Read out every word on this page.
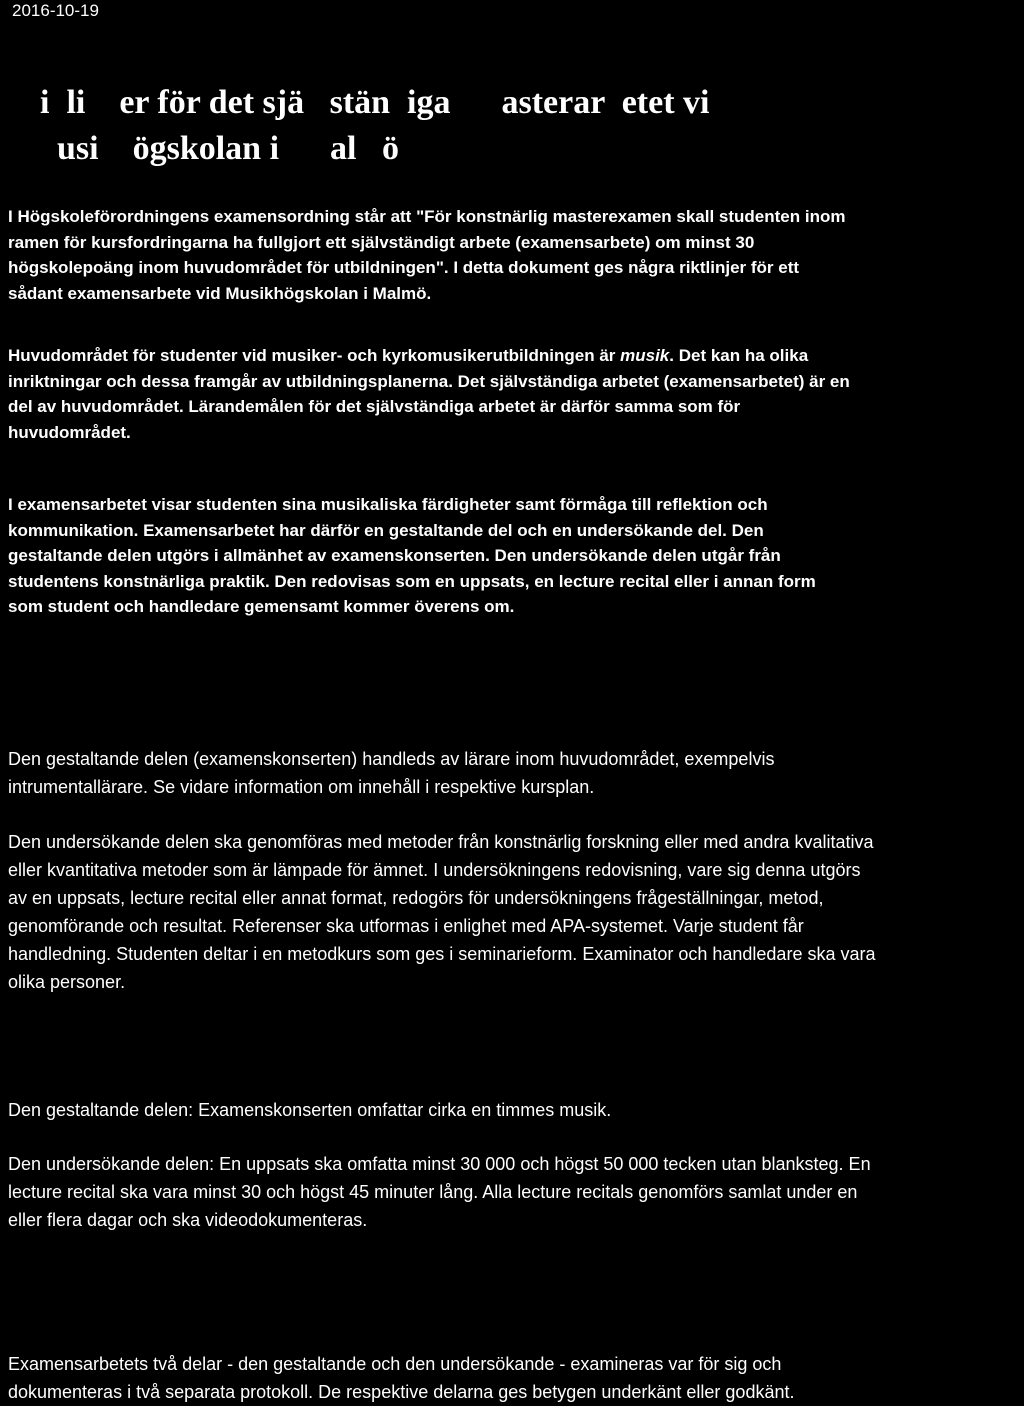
2016-10-19
i  li    er för det sjä   stän  iga      asterar  etet vi
usi    ögskolan i      al   ö

I Högskoleförordningens examensordning står att "För konstnärlig masterexamen skall studenten inom
ramen för kursfordringarna ha fullgjort ett självständigt arbete (examensarbete) om minst 30
högskolepoäng inom huvudområdet för utbildningen". I detta dokument ges några riktlinjer för ett
sådant examensarbete vid Musikhögskolan i Malmö.

Huvudområdet för studenter vid musiker- och kyrkomusikerutbildningen är musik. Det kan ha olika
inriktningar och dessa framgår av utbildningsplanerna. Det självständiga arbetet (examensarbetet) är en
del av huvudområdet. Lärandemålen för det självständiga arbetet är därför samma som för
huvudområdet.

I examensarbetet visar studenten sina musikaliska färdigheter samt förmåga till reflektion och
kommunikation. Examensarbetet har därför en gestaltande del och en undersökande del. Den
gestaltande delen utgörs i allmänhet av examenskonserten. Den undersökande delen utgår från
studentens konstnärliga praktik. Den redovisas som en uppsats, en lecture recital eller i annan form
som student och handledare gemensamt kommer överens om.

Den gestaltande delen (examenskonserten) handleds av lärare inom huvudområdet, exempelvis
intrumentallärare. Se vidare information om innehåll i respektive kursplan.

Den undersökande delen ska genomföras med metoder från konstnärlig forskning eller med andra kvalitativa
eller kvantitativa metoder som är lämpade för ämnet. I undersökningens redovisning, vare sig denna utgörs
av en uppsats, lecture recital eller annat format, redogörs för undersökningens frågeställningar, metod,
genomförande och resultat. Referenser ska utformas i enlighet med APA-systemet. Varje student får
handledning. Studenten deltar i en metodkurs som ges i seminarieform. Examinator och handledare ska vara
olika personer.

Den gestaltande delen: Examenskonserten omfattar cirka en timmes musik.

Den undersökande delen: En uppsats ska omfatta minst 30 000 och högst 50 000 tecken utan blanksteg. En
lecture recital ska vara minst 30 och högst 45 minuter lång. Alla lecture recitals genomförs samlat under en
eller flera dagar och ska videodokumenteras.

Examensarbetets två delar - den gestaltande och den undersökande - examineras var för sig och
dokumenteras i två separata protokoll. De respektive delarna ges betygen underkänt eller godkänt.
